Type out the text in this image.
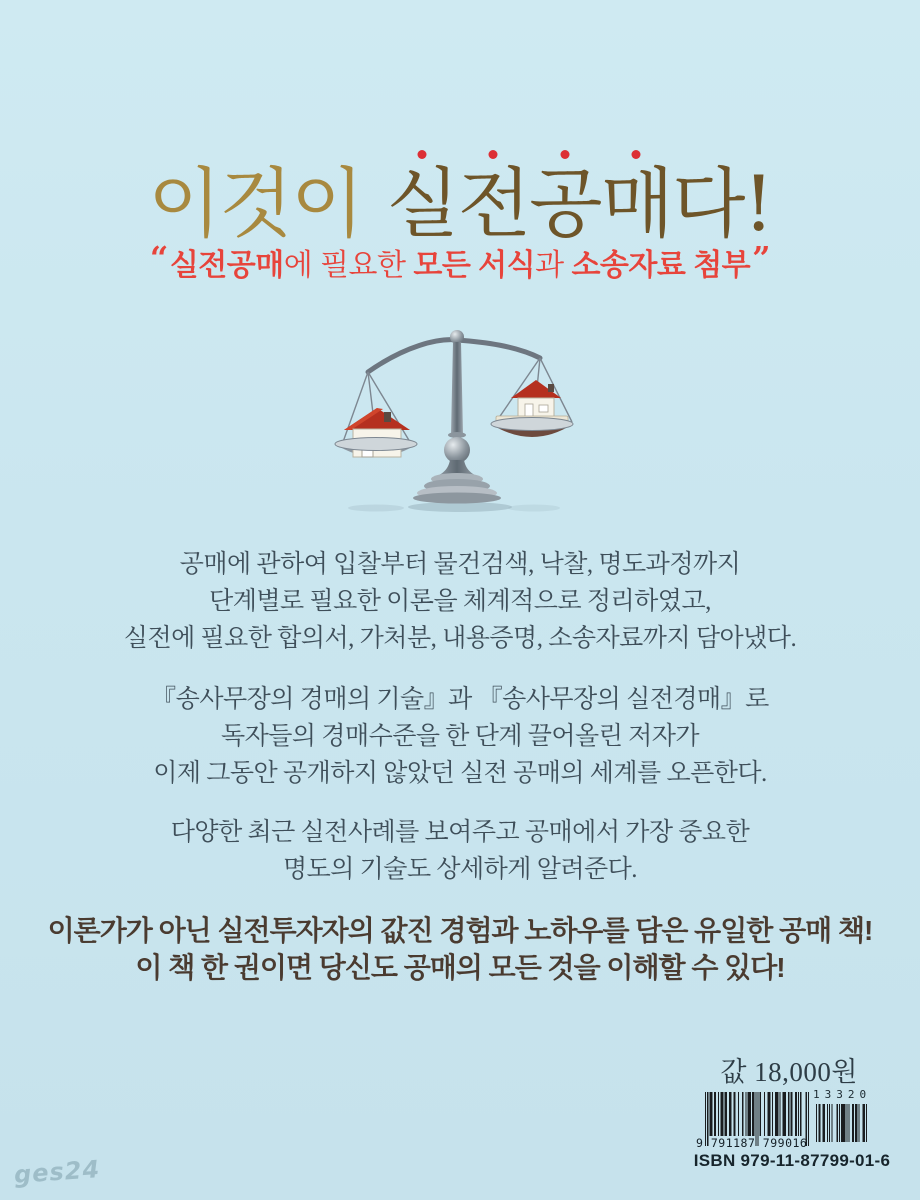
이것이 실 전 공 매 다!
“실전공매에 필요한 모든 서식과 소송자료 첨부”
공매에 관하여 입찰부터 물건검색, 낙찰, 명도과정까지
단계별로 필요한 이론을 체계적으로 정리하였고,
실전에 필요한 합의서, 가처분, 내용증명, 소송자료까지 담아냈다.
『송사무장의 경매의 기술』과 『송사무장의 실전경매』로
독자들의 경매수준을 한 단계 끌어올린 저자가
이제 그동안 공개하지 않았던 실전 공매의 세계를 오픈한다.
다양한 최근 실전사례를 보여주고 공매에서 가장 중요한
명도의 기술도 상세하게 알려준다.
이론가가 아닌 실전투자자의 값진 경험과 노하우를 담은 유일한 공매 책!
이 책 한 권이면 당신도 공매의 모든 것을 이해할 수 있다!
값 18,000원
13320
9 791187 799016
ISBN 979-11-87799-01-6
ges24
